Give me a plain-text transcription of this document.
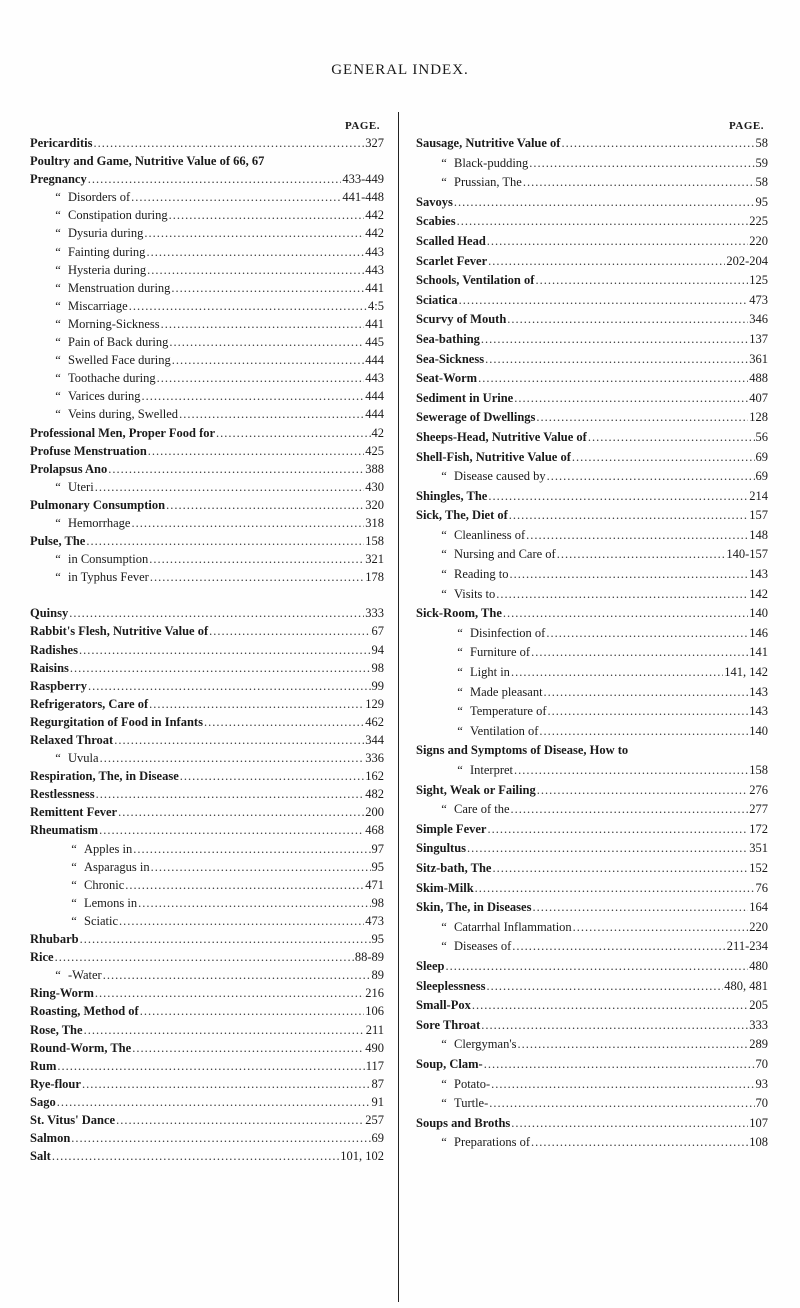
GENERAL INDEX.
PAGE.
Pericarditis .....	327
Poultry and Game, Nutritive Value of 66, 67
Pregnancy .....	433-449
“ Disorders of .....	441-448
“ Constipation during .....	442
“ Dysuria during .....	442
“ Fainting during .....	443
“ Hysteria during .....	443
“ Menstruation during .....	441
“ Miscarriage .....	4:5
“ Morning-Sickness .....	441
“ Pain of Back during .....	445
“ Swelled Face during .....	444
“ Toothache during .....	443
“ Varices during .....	444
“ Veins during, Swelled .....	444
Professional Men, Proper Food for .....	42
Profuse Menstruation .....	425
Prolapsus Ano .....	388
“ Uteri .....	430
Pulmonary Consumption .....	320
“ Hemorrhage .....	318
Pulse, The .....	158
“ in Consumption .....	321
“ in Typhus Fever .....	178
Quinsy .....	333
Rabbit's Flesh, Nutritive Value of .....	67
Radishes .....	94
Raisins .....	98
Raspberry .....	99
Refrigerators, Care of .....	129
Regurgitation of Food in Infants .....	462
Relaxed Throat .....	344
“ Uvula .....	336
Respiration, The, in Disease .....	162
Restlessness .....	482
Remittent Fever .....	200
Rheumatism .....	468
“ Apples in .....	97
“ Asparagus in .....	95
“ Chronic .....	471
“ Lemons in .....	98
“ Sciatic .....	473
Rhubarb .....	95
Rice .....	88-89
“ -Water .....	89
Ring-Worm .....	216
Roasting, Method of .....	106
Rose, The .....	211
Round-Worm, The .....	490
Rum .....	117
Rye-flour .....	87
Sago .....	91
St. Vitus' Dance .....	257
Salmon .....	69
Salt .....	101, 102
PAGE.
Sausage, Nutritive Value of .....	58
“ Black-pudding .....	59
“ Prussian, The .....	58
Savoys .....	95
Scabies .....	225
Scalled Head .....	220
Scarlet Fever .....	202-204
Schools, Ventilation of .....	125
Sciatica .....	473
Scurvy of Mouth .....	346
Sea-bathing .....	137
Sea-Sickness .....	361
Seat-Worm .....	488
Sediment in Urine .....	407
Sewerage of Dwellings .....	128
Sheeps-Head, Nutritive Value of .....	56
Shell-Fish, Nutritive Value of .....	69
“ Disease caused by .....	69
Shingles, The .....	214
Sick, The, Diet of .....	157
“ Cleanliness of .....	148
“ Nursing and Care of .....	140-157
“ Reading to .....	143
“ Visits to .....	142
Sick-Room, The .....	140
“ Disinfection of .....	146
“ Furniture of .....	141
“ Light in .....	141, 142
“ Made pleasant .....	143
“ Temperature of .....	143
“ Ventilation of .....	140
Signs and Symptoms of Disease, How to
“ Interpret .....	158
Sight, Weak or Failing .....	276
“ Care of the .....	277
Simple Fever .....	172
Singultus .....	351
Sitz-bath, The .....	152
Skim-Milk .....	76
Skin, The, in Diseases .....	164
“ Catarrhal Inflammation .....	220
“ Diseases of .....	211-234
Sleep .....	480
Sleeplessness .....	480, 481
Small-Pox .....	205
Sore Throat .....	333
“ Clergyman's .....	289
Soup, Clam- .....	70
“ Potato- .....	93
“ Turtle- .....	70
Soups and Broths .....	107
“ Preparations of .....	108
